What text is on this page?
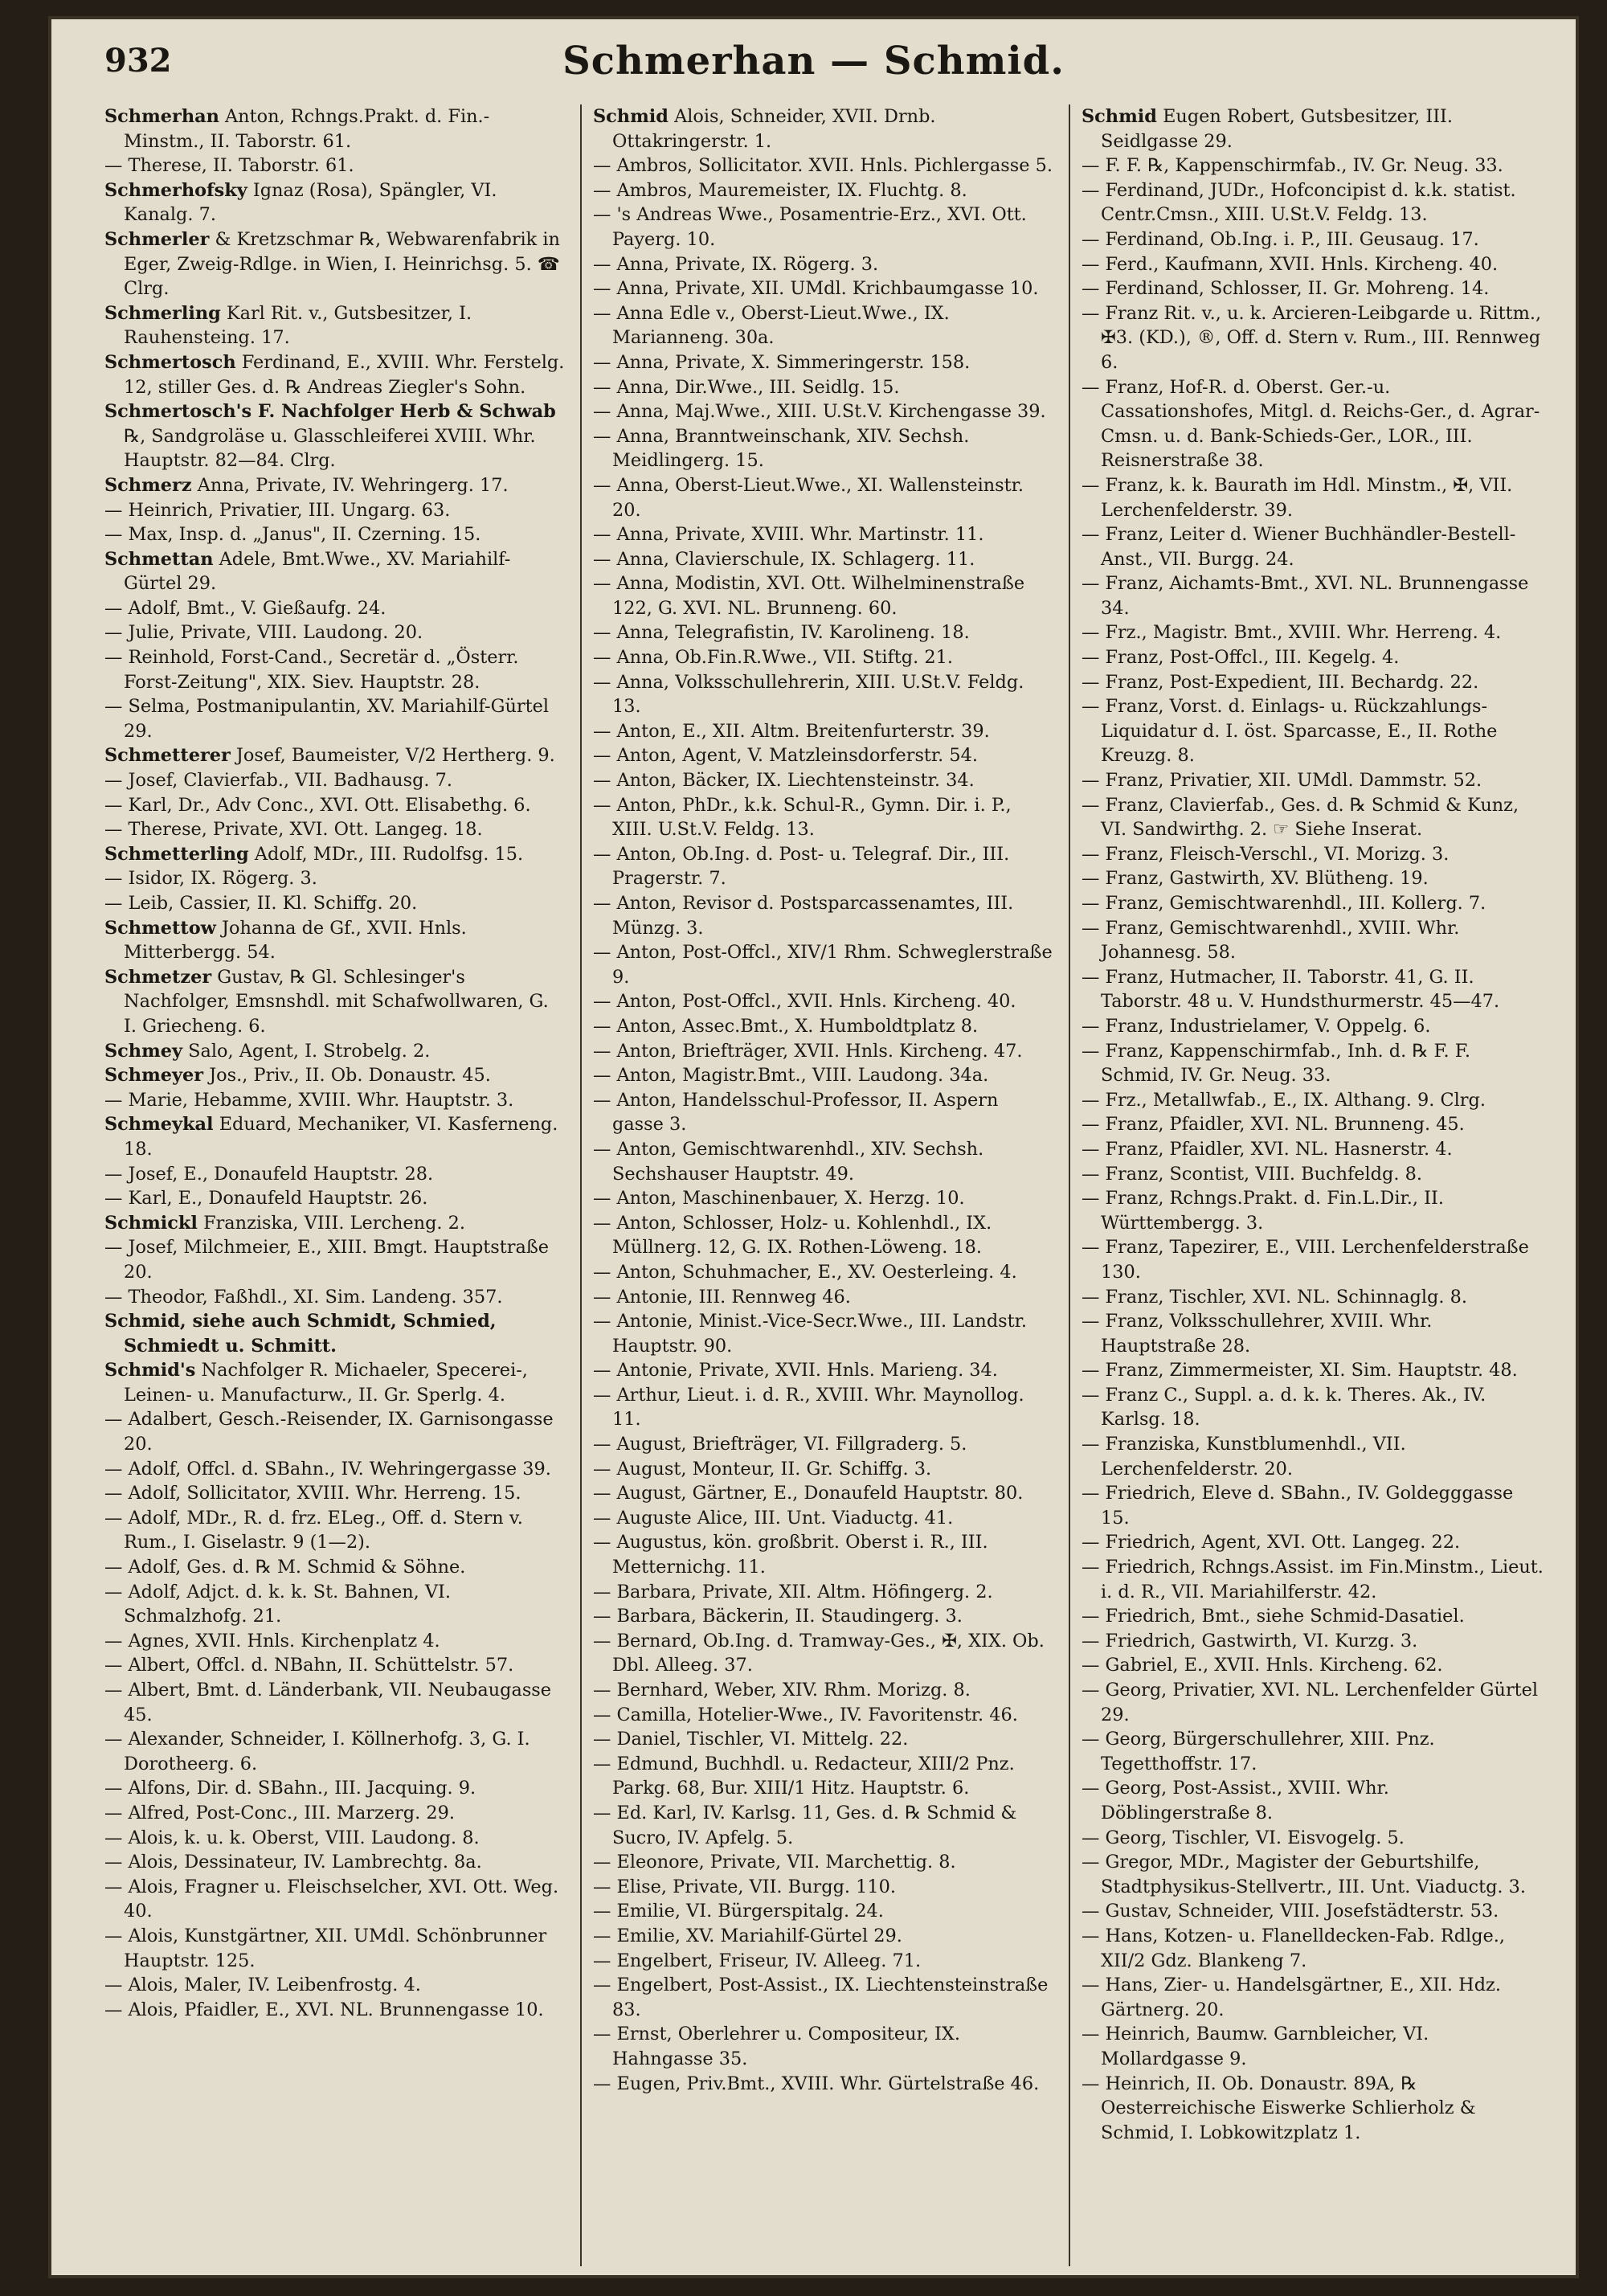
932	Schmerhan — Schmid.
Schmerhan Anton, Rchngs.Prakt. d. Fin.-Minstm., II. Taborstr. 61.
— Therese, II. Taborstr. 61.
Schmerhofsky Ignaz (Rosa), Spängler, VI. Kanalg. 7.
Schmerler & Kretzschmar ℞, Webwarenfabrik in Eger, Zweig-Rdlge. in Wien, I. Heinrichsg. 5. ☎ Clrg.
Schmerling Karl Rit. v., Gutsbesitzer, I. Rauhensteing. 17.
Schmertosch Ferdinand, E., XVIII. Whr. Ferstelg. 12, stiller Ges. d. ℞ Andreas Ziegler's Sohn.
Schmertosch's F. Nachfolger Herb & Schwab ℞, Sandgroläse u. Glasschleiferei XVIII. Whr. Hauptstr. 82—84. Clrg.
Schmerz Anna, Private, IV. Wehringerg. 17.
— Heinrich, Privatier, III. Ungarg. 63.
— Max, Insp. d. „Janus", II. Czerning. 15.
Schmettan Adele, Bmt.Wwe., XV. Mariahilf-Gürtel 29.
— Adolf, Bmt., V. Gießaufg. 24.
— Julie, Private, VIII. Laudong. 20.
— Reinhold, Forst-Cand., Secretär d. „Österr. Forst-Zeitung", XIX. Siev. Hauptstr. 28.
— Selma, Postmanipulantin, XV. Mariahilf-Gürtel 29.
Schmetterer Josef, Baumeister, V/2 Hertherg. 9.
— Josef, Clavierfab., VII. Badhausg. 7.
— Karl, Dr., Adv Conc., XVI. Ott. Elisabethg. 6.
— Therese, Private, XVI. Ott. Langeg. 18.
Schmetterling Adolf, MDr., III. Rudolfsg. 15.
— Isidor, IX. Rögerg. 3.
— Leib, Cassier, II. Kl. Schiffg. 20.
Schmettow Johanna de Gf., XVII. Hnls. Mitterbergg. 54.
Schmetzer Gustav, ℞ Gl. Schlesinger's Nachfolger, Emsnshdl. mit Schafwollwaren, G. I. Griecheng. 6.
Schmey Salo, Agent, I. Strobelg. 2.
Schmeyer Jos., Priv., II. Ob. Donaustr. 45.
— Marie, Hebamme, XVIII. Whr. Hauptstr. 3.
Schmeykal Eduard, Mechaniker, VI. Kasferneng. 18.
— Josef, E., Donaufeld Hauptstr. 28.
— Karl, E., Donaufeld Hauptstr. 26.
Schmickl Franziska, VIII. Lercheng. 2.
— Josef, Milchmeier, E., XIII. Bmgt. Hauptstraße 20.
— Theodor, Faßhdl., XI. Sim. Landeng. 357.
Schmid, siehe auch Schmidt, Schmied, Schmiedt u. Schmitt.
Schmid's Nachfolger R. Michaeler, Specerei-, Leinen- u. Manufacturw., II. Gr. Sperlg. 4.
— Adalbert, Gesch.-Reisender, IX. Garnisongasse 20.
— Adolf, Offcl. d. SBahn., IV. Wehringergasse 39.
— Adolf, Sollicitator, XVIII. Whr. Herreng. 15.
— Adolf, MDr., R. d. frz. ELeg., Off. d. Stern v. Rum., I. Giselastr. 9 (1—2).
— Adolf, Ges. d. ℞ M. Schmid & Söhne.
— Adolf, Adjct. d. k. k. St. Bahnen, VI. Schmalzhofg. 21.
— Agnes, XVII. Hnls. Kirchenplatz 4.
— Albert, Offcl. d. NBahn, II. Schüttelstr. 57.
— Albert, Bmt. d. Länderbank, VII. Neubaugasse 45.
— Alexander, Schneider, I. Köllnerhofg. 3, G. I. Dorotheerg. 6.
— Alfons, Dir. d. SBahn., III. Jacquing. 9.
— Alfred, Post-Conc., III. Marzerg. 29.
— Alois, k. u. k. Oberst, VIII. Laudong. 8.
— Alois, Dessinateur, IV. Lambrechtg. 8a.
— Alois, Fragner u. Fleischselcher, XVI. Ott. Weg. 40.
— Alois, Kunstgärtner, XII. UMdl. Schönbrunner Hauptstr. 125.
— Alois, Maler, IV. Leibenfrostg. 4.
— Alois, Pfaidler, E., XVI. NL. Brunnengasse 10.
Schmid Alois, Schneider, XVII. Drnb. Ottakringerstr. 1.
— Ambros, Sollicitator. XVII. Hnls. Pichlergasse 5.
— Ambros, Mauremeister, IX. Fluchtg. 8.
— 's Andreas Wwe., Posamentrie-Erz., XVI. Ott. Payerg. 10.
— Anna, Private, IX. Rögerg. 3.
— Anna, Private, XII. UMdl. Krichbaumgasse 10.
— Anna Edle v., Oberst-Lieut.Wwe., IX. Marianneng. 30a.
— Anna, Private, X. Simmeringerstr. 158.
— Anna, Dir.Wwe., III. Seidlg. 15.
— Anna, Maj.Wwe., XIII. U.St.V. Kirchengasse 39.
— Anna, Branntweinschank, XIV. Sechsh. Meidlingerg. 15.
— Anna, Oberst-Lieut.Wwe., XI. Wallensteinstr. 20.
— Anna, Private, XVIII. Whr. Martinstr. 11.
— Anna, Clavierschule, IX. Schlagerg. 11.
— Anna, Modistin, XVI. Ott. Wilhelminenstraße 122, G. XVI. NL. Brunneng. 60.
— Anna, Telegrafistin, IV. Karolineng. 18.
— Anna, Ob.Fin.R.Wwe., VII. Stiftg. 21.
— Anna, Volksschullehrerin, XIII. U.St.V. Feldg. 13.
— Anton, E., XII. Altm. Breitenfurterstr. 39.
— Anton, Agent, V. Matzleinsdorferstr. 54.
— Anton, Bäcker, IX. Liechtensteinstr. 34.
— Anton, PhDr., k.k. Schul-R., Gymn. Dir. i. P., XIII. U.St.V. Feldg. 13.
— Anton, Ob.Ing. d. Post- u. Telegraf. Dir., III. Pragerstr. 7.
— Anton, Revisor d. Postsparcassenamtes, III. Münzg. 3.
— Anton, Post-Offcl., XIV/1 Rhm. Schweglerstraße 9.
— Anton, Post-Offcl., XVII. Hnls. Kircheng. 40.
— Anton, Assec.Bmt., X. Humboldtplatz 8.
— Anton, Briefträger, XVII. Hnls. Kircheng. 47.
— Anton, Magistr.Bmt., VIII. Laudong. 34a.
— Anton, Handelsschul-Professor, II. Aspern gasse 3.
— Anton, Gemischtwarenhdl., XIV. Sechsh. Sechshauser Hauptstr. 49.
— Anton, Maschinenbauer, X. Herzg. 10.
— Anton, Schlosser, Holz- u. Kohlenhdl., IX. Müllnerg. 12, G. IX. Rothen-Löweng. 18.
— Anton, Schuhmacher, E., XV. Oesterleing. 4.
— Antonie, III. Rennweg 46.
— Antonie, Minist.-Vice-Secr.Wwe., III. Landstr. Hauptstr. 90.
— Antonie, Private, XVII. Hnls. Marieng. 34.
— Arthur, Lieut. i. d. R., XVIII. Whr. Maynollog. 11.
— August, Briefträger, VI. Fillgraderg. 5.
— August, Monteur, II. Gr. Schiffg. 3.
— August, Gärtner, E., Donaufeld Hauptstr. 80.
— Auguste Alice, III. Unt. Viaductg. 41.
— Augustus, kön. großbrit. Oberst i. R., III. Metternichg. 11.
— Barbara, Private, XII. Altm. Höfingerg. 2.
— Barbara, Bäckerin, II. Staudingerg. 3.
— Bernard, Ob.Ing. d. Tramway-Ges., ✠, XIX. Ob. Dbl. Alleeg. 37.
— Bernhard, Weber, XIV. Rhm. Morizg. 8.
— Camilla, Hotelier-Wwe., IV. Favoritenstr. 46.
— Daniel, Tischler, VI. Mittelg. 22.
— Edmund, Buchhdl. u. Redacteur, XIII/2 Pnz. Parkg. 68, Bur. XIII/1 Hitz. Hauptstr. 6.
— Ed. Karl, IV. Karlsg. 11, Ges. d. ℞ Schmid & Sucro, IV. Apfelg. 5.
— Eleonore, Private, VII. Marchettig. 8.
— Elise, Private, VII. Burgg. 110.
— Emilie, VI. Bürgerspitalg. 24.
— Emilie, XV. Mariahilf-Gürtel 29.
— Engelbert, Friseur, IV. Alleeg. 71.
— Engelbert, Post-Assist., IX. Liechtensteinstraße 83.
— Ernst, Oberlehrer u. Compositeur, IX. Hahngasse 35.
— Eugen, Priv.Bmt., XVIII. Whr. Gürtelstraße 46.
Schmid Eugen Robert, Gutsbesitzer, III. Seidlgasse 29.
— F. F. ℞, Kappenschirmfab., IV. Gr. Neug. 33.
— Ferdinand, JUDr., Hofconcipist d. k.k. statist. Centr.Cmsn., XIII. U.St.V. Feldg. 13.
— Ferdinand, Ob.Ing. i. P., III. Geusaug. 17.
— Ferd., Kaufmann, XVII. Hnls. Kircheng. 40.
— Ferdinand, Schlosser, II. Gr. Mohreng. 14.
— Franz Rit. v., u. k. Arcieren-Leibgarde u. Rittm., ✠3. (KD.), ®, Off. d. Stern v. Rum., III. Rennweg 6.
— Franz, Hof-R. d. Oberst. Ger.-u. Cassationshofes, Mitgl. d. Reichs-Ger., d. Agrar-Cmsn. u. d. Bank-Schieds-Ger., LOR., III. Reisnerstraße 38.
— Franz, k. k. Baurath im Hdl. Minstm., ✠, VII. Lerchenfelderstr. 39.
— Franz, Leiter d. Wiener Buchhändler-Bestell-Anst., VII. Burgg. 24.
— Franz, Aichamts-Bmt., XVI. NL. Brunnengasse 34.
— Frz., Magistr. Bmt., XVIII. Whr. Herreng. 4.
— Franz, Post-Offcl., III. Kegelg. 4.
— Franz, Post-Expedient, III. Bechardg. 22.
— Franz, Vorst. d. Einlags- u. Rückzahlungs-Liquidatur d. I. öst. Sparcasse, E., II. Rothe Kreuzg. 8.
— Franz, Privatier, XII. UMdl. Dammstr. 52.
— Franz, Clavierfab., Ges. d. ℞ Schmid & Kunz, VI. Sandwirthg. 2. ☞ Siehe Inserat.
— Franz, Fleisch-Verschl., VI. Morizg. 3.
— Franz, Gastwirth, XV. Blütheng. 19.
— Franz, Gemischtwarenhdl., III. Kollerg. 7.
— Franz, Gemischtwarenhdl., XVIII. Whr. Johannesg. 58.
— Franz, Hutmacher, II. Taborstr. 41, G. II. Taborstr. 48 u. V. Hundsthurmerstr. 45—47.
— Franz, Industrielamer, V. Oppelg. 6.
— Franz, Kappenschirmfab., Inh. d. ℞ F. F. Schmid, IV. Gr. Neug. 33.
— Frz., Metallwfab., E., IX. Althang. 9. Clrg.
— Franz, Pfaidler, XVI. NL. Brunneng. 45.
— Franz, Pfaidler, XVI. NL. Hasnerstr. 4.
— Franz, Scontist, VIII. Buchfeldg. 8.
— Franz, Rchngs.Prakt. d. Fin.L.Dir., II. Württembergg. 3.
— Franz, Tapezirer, E., VIII. Lerchenfelderstraße 130.
— Franz, Tischler, XVI. NL. Schinnaglg. 8.
— Franz, Volksschullehrer, XVIII. Whr. Hauptstraße 28.
— Franz, Zimmermeister, XI. Sim. Hauptstr. 48.
— Franz C., Suppl. a. d. k. k. Theres. Ak., IV. Karlsg. 18.
— Franziska, Kunstblumenhdl., VII. Lerchenfelderstr. 20.
— Friedrich, Eleve d. SBahn., IV. Goldegggasse 15.
— Friedrich, Agent, XVI. Ott. Langeg. 22.
— Friedrich, Rchngs.Assist. im Fin.Minstm., Lieut. i. d. R., VII. Mariahilferstr. 42.
— Friedrich, Bmt., siehe Schmid-Dasatiel.
— Friedrich, Gastwirth, VI. Kurzg. 3.
— Gabriel, E., XVII. Hnls. Kircheng. 62.
— Georg, Privatier, XVI. NL. Lerchenfelder Gürtel 29.
— Georg, Bürgerschullehrer, XIII. Pnz. Tegetthoffstr. 17.
— Georg, Post-Assist., XVIII. Whr. Döblingerstraße 8.
— Georg, Tischler, VI. Eisvogelg. 5.
— Gregor, MDr., Magister der Geburtshilfe, Stadtphysikus-Stellvertr., III. Unt. Viaductg. 3.
— Gustav, Schneider, VIII. Josefstädterstr. 53.
— Hans, Kotzen- u. Flanelldecken-Fab. Rdlge., XII/2 Gdz. Blankeng 7.
— Hans, Zier- u. Handelsgärtner, E., XII. Hdz. Gärtnerg. 20.
— Heinrich, Baumw. Garnbleicher, VI. Mollardgasse 9.
— Heinrich, II. Ob. Donaustr. 89A, ℞ Oesterreichische Eiswerke Schlierholz & Schmid, I. Lobkowitzplatz 1.
